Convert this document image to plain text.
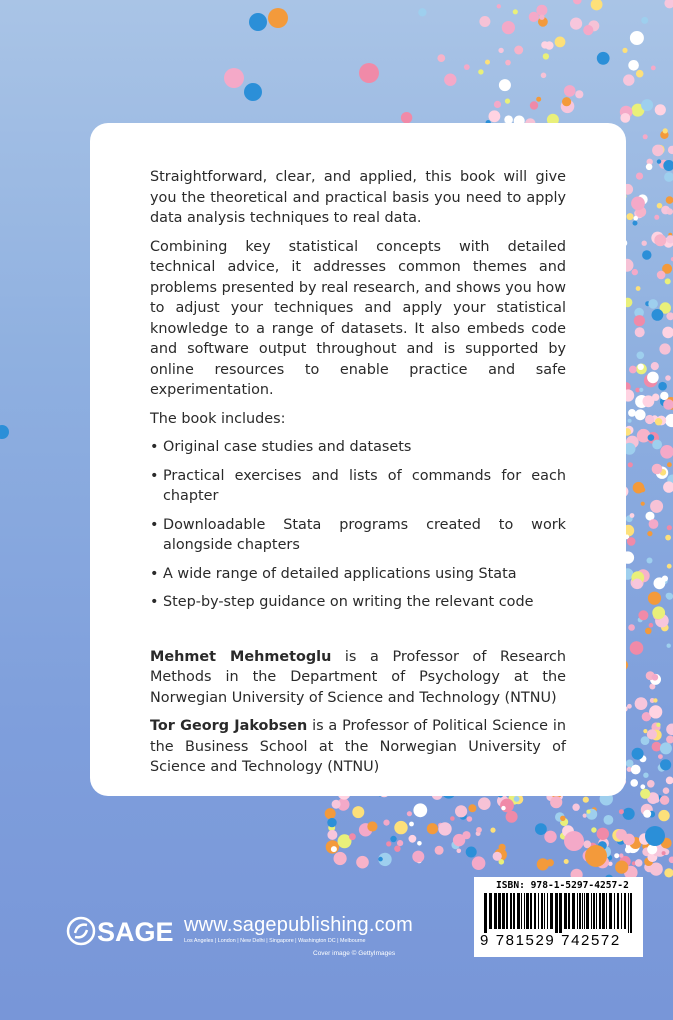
Straightforward, clear, and applied, this book will give you the theoretical and practical basis you need to apply data analysis techniques to real data.

Combining key statistical concepts with detailed technical advice, it addresses common themes and problems presented by real research, and shows you how to adjust your techniques and apply your statistical knowledge to a range of datasets. It also embeds code and software output throughout and is supported by online resources to enable practice and safe experimentation.

The book includes:

• Original case studies and datasets
• Practical exercises and lists of commands for each chapter
• Downloadable Stata programs created to work alongside chapters
• A wide range of detailed applications using Stata
• Step-by-step guidance on writing the relevant code

Mehmet Mehmetoglu is a Professor of Research Methods in the Department of Psychology at the Norwegian University of Science and Technology (NTNU)

Tor Georg Jakobsen is a Professor of Political Science in the Business School at the Norwegian University of Science and Technology (NTNU)

SAGE www.sagepublishing.com
Los Angeles | London | New Delhi | Singapore | Washington DC | Melbourne
Cover image © GettyImages
ISBN: 978-1-5297-4257-2
9 781529 742572
